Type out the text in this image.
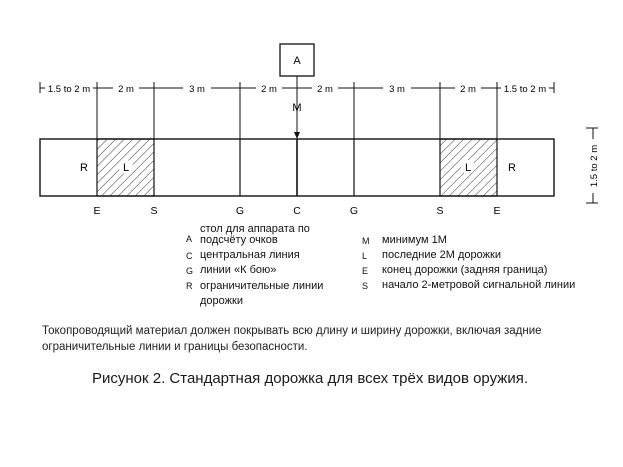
A
M
1.5 to 2 m	2 m	3 m	2 m	2 m	3 m	2 m	1.5 to 2 m
R	L	L	R
E	S	G	C	G	S	E
1.5 to 2 m
A
стол для аппарата по подсчёту очков
C центральная линия
G линии «К бою»
R ограничительные линии дорожки
M минимум 1М
L	последние 2М дорожки
E	конец дорожки (задняя граница)
S	начало 2-метровой сигнальной линии
Токопроводящий материал должен покрывать всю длину и ширину дорожки, включая задние ограничительные линии и границы безопасности.
Рисунок 2. Стандартная дорожка для всех трёх видов оружия.
